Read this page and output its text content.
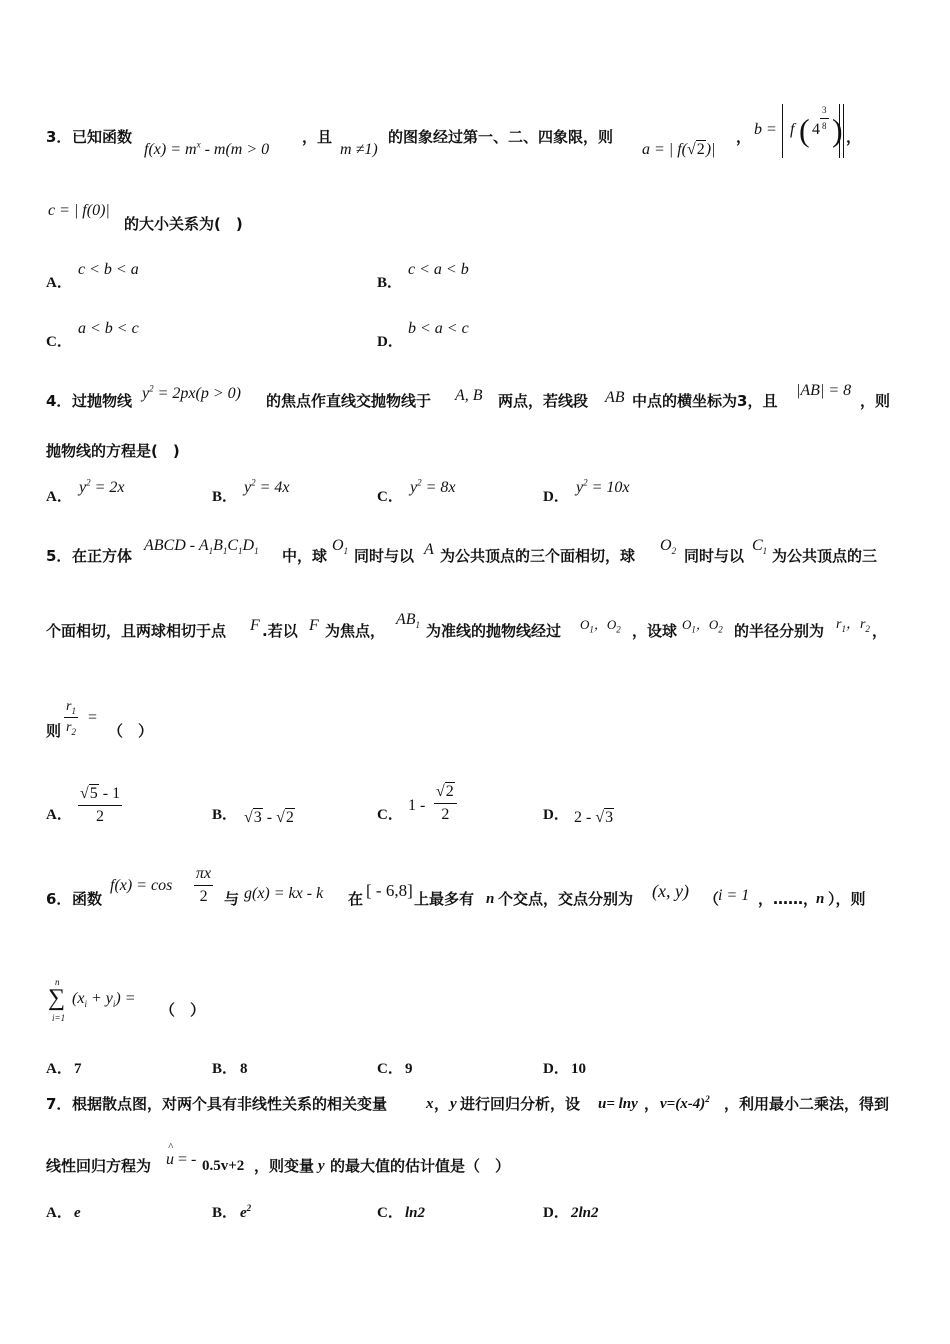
3． 已知函数
$f(x) = m^x - m(m > 0$
，且
m ≠1)
的图象经过第一、二、四象限，则
a = | f(√2)|
， b = f ( $4 \frac{3}{8}$ ) ，
c = | f(0)|
的大小关系为(　)
A．
c < b < a
B．
c < a < b
C．
a < b < c
D．
b < a < c
4． 过抛物线 $y^2 = 2px(p > 0)$ 的焦点作直线交抛物线于 A, B 两点，若线段 AB 中点的横坐标为3，且
|AB| = 8
，则
抛物线的方程是(　)
A．
$y^2 = 2x$
B．
$y^2 = 4x$
C．
$y^2 = 8x$
D．
$y^2 = 10x$
5． 在正方体
ABCD - $A_1B_1C_1D_1$ 中，球
$O_1$ 同时与以 A 为公共顶点的三个面相切，球
$O_2$ 同时与以
$C_1$ 为公共顶点的三
个面相切，且两球相切于点 F .若以 F 为焦点，
$AB_1$ 为准线的抛物线经过 $O_1$，$O_2$ ，设球 $O_1$，$O_2$ 的半径分别为 $r_1$，$r_2$ ，
则 $\frac{r_1}{r_2}$ =
（　）
A． $\frac{√5 - 1}{2}$	B． √3 - √2	C．
$1 - \frac{√2}{2}$	D． 2 - √3
6． 函数
$f(x) = \cos \frac{\pi x}{2}$ 与 g(x) = kx - k 在 [ - 6,8] 上最多有 n 个交点，交点分别为 (x, y) （
i = 1 ，……，
n ），则
n
∑
i=1
$(x_i + y_i)$ =
（　）
A． 7	B． 8	C． 9	D． 10
7． 根据散点图，对两个具有非线性关系的相关变量	x ， y 进行回归分析，设 u= lny ， $v=(x-4)^2$ ，利用最小二乘法，得到
线性回归方程为
^
u = - 0.5v+2 ，则变量 y 的最大值的估计值是（　）
A． e	B． $e^2$	C． ln2	D． 2ln2
